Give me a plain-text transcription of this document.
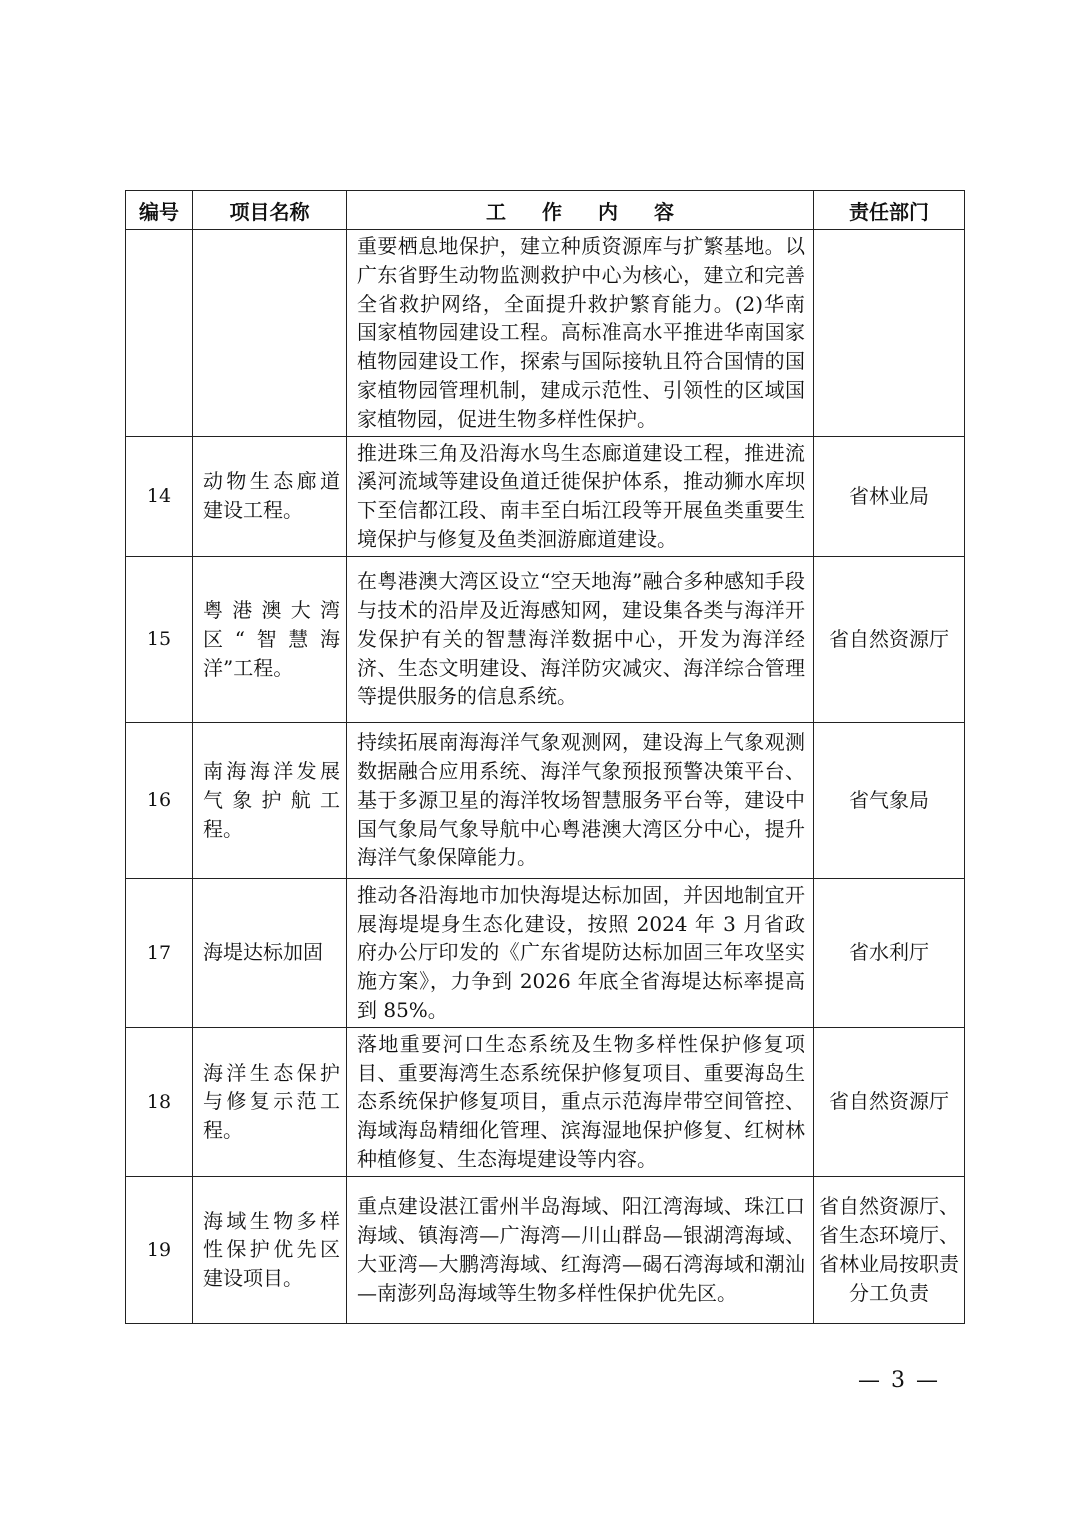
编号	项目名称	工作内容	责任部门
		重要栖息地保护，建立种质资源库与扩繁基地。以广东省野生动物监测救护中心为核心，建立和完善全省救护网络，全面提升救护繁育能力。(2)华南国家植物园建设工程。高标准高水平推进华南国家植物园建设工作，探索与国际接轨且符合国情的国家植物园管理机制，建成示范性、引领性的区域国家植物园，促进生物多样性保护。	
14	动物生态廊道建设工程。	推进珠三角及沿海水鸟生态廊道建设工程，推进流溪河流域等建设鱼道迁徙保护体系，推动狮水库坝下至信都江段、南丰至白垢江段等开展鱼类重要生境保护与修复及鱼类洄游廊道建设。	省林业局
15	粤港澳大湾区“智慧海洋”工程。	在粤港澳大湾区设立“空天地海”融合多种感知手段与技术的沿岸及近海感知网，建设集各类与海洋开发保护有关的智慧海洋数据中心，开发为海洋经济、生态文明建设、海洋防灾减灾、海洋综合管理等提供服务的信息系统。	省自然资源厅
16	南海海洋发展气象护航工程。	持续拓展南海海洋气象观测网，建设海上气象观测数据融合应用系统、海洋气象预报预警决策平台、基于多源卫星的海洋牧场智慧服务平台等，建设中国气象局气象导航中心粤港澳大湾区分中心，提升海洋气象保障能力。	省气象局
17	海堤达标加固	推动各沿海地市加快海堤达标加固，并因地制宜开展海堤堤身生态化建设，按照 2024 年 3 月省政府办公厅印发的《广东省堤防达标加固三年攻坚实施方案》，力争到 2026 年底全省海堤达标率提高到 85%。	省水利厅
18	海洋生态保护与修复示范工程。	落地重要河口生态系统及生物多样性保护修复项目、重要海湾生态系统保护修复项目、重要海岛生态系统保护修复项目，重点示范海岸带空间管控、海域海岛精细化管理、滨海湿地保护修复、红树林种植修复、生态海堤建设等内容。	省自然资源厅
19	海域生物多样性保护优先区建设项目。	重点建设湛江雷州半岛海域、阳江湾海域、珠江口海域、镇海湾—广海湾—川山群岛—银湖湾海域、大亚湾—大鹏湾海域、红海湾—碣石湾海域和潮汕—南澎列岛海域等生物多样性保护优先区。	省自然资源厅、省生态环境厅、省林业局按职责分工负责
— 3 —
